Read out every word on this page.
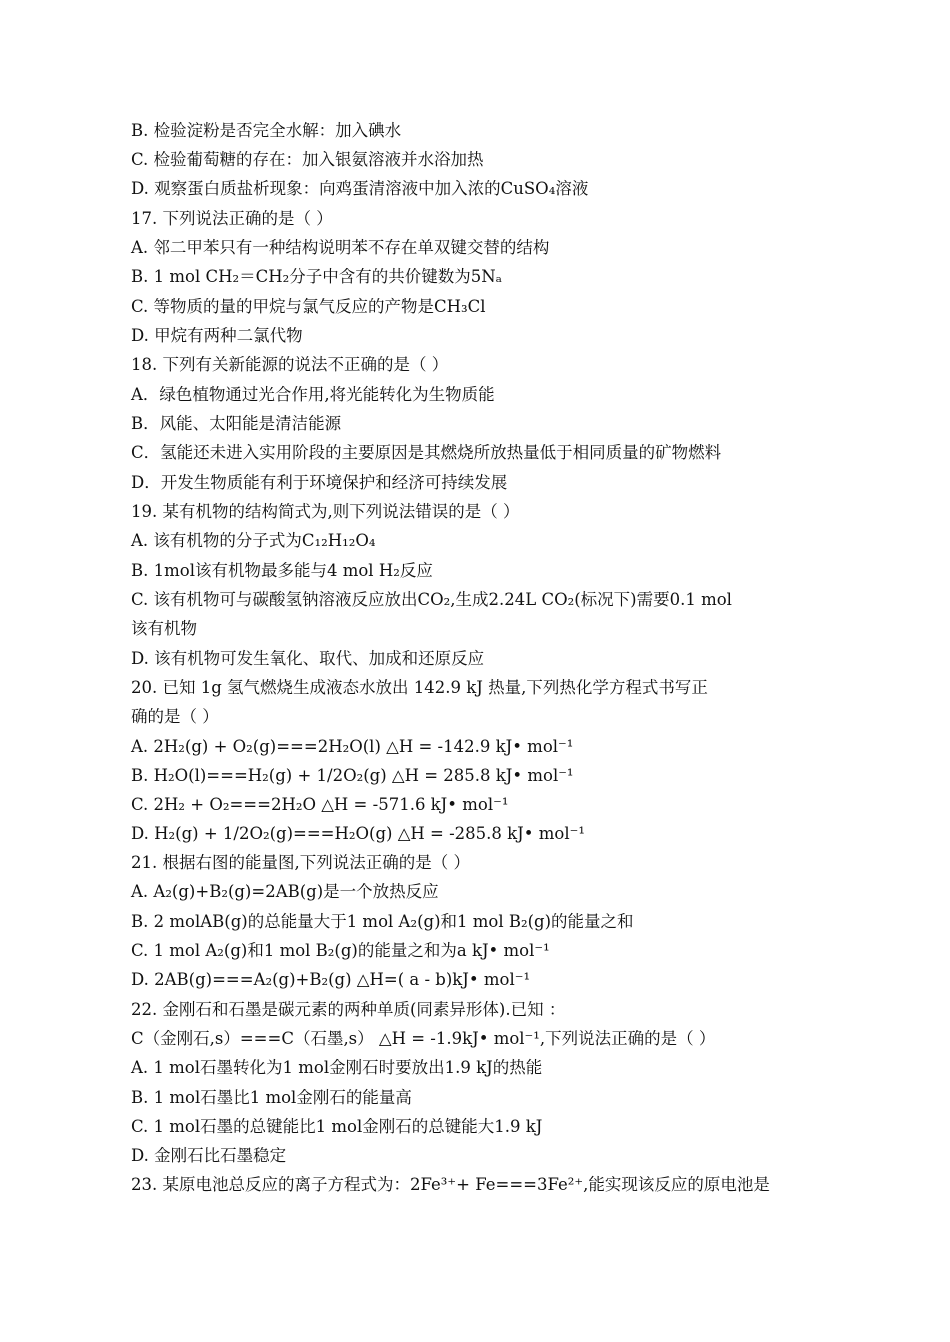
B. 检验淀粉是否完全水解：加入碘水
C. 检验葡萄糖的存在：加入银氨溶液并水浴加热
D. 观察蛋白质盐析现象：向鸡蛋清溶液中加入浓的CuSO₄溶液
17. 下列说法正确的是（ ）
A. 邻二甲苯只有一种结构说明苯不存在单双键交替的结构
B. 1 mol CH₂＝CH₂分子中含有的共价键数为5Nₐ
C. 等物质的量的甲烷与氯气反应的产物是CH₃Cl
D. 甲烷有两种二氯代物
18. 下列有关新能源的说法不正确的是（ ）
A．绿色植物通过光合作用,将光能转化为生物质能
B．风能、太阳能是清洁能源
C．氢能还未进入实用阶段的主要原因是其燃烧所放热量低于相同质量的矿物燃料
D．开发生物质能有利于环境保护和经济可持续发展
19. 某有机物的结构简式为,则下列说法错误的是（ ）
A. 该有机物的分子式为C₁₂H₁₂O₄
B. 1mol该有机物最多能与4 mol H₂反应
C. 该有机物可与碳酸氢钠溶液反应放出CO₂,生成2.24L CO₂(标况下)需要0.1 mol
该有机物
D. 该有机物可发生氧化、取代、加成和还原反应
20. 已知 1g 氢气燃烧生成液态水放出 142.9 kJ 热量,下列热化学方程式书写正
确的是（ ）
A. 2H₂(g) + O₂(g)===2H₂O(l) △H = -142.9 kJ• mol⁻¹
B. H₂O(l)===H₂(g) + 1/2O₂(g) △H = 285.8 kJ• mol⁻¹
C. 2H₂ + O₂===2H₂O △H = -571.6 kJ• mol⁻¹
D. H₂(g) + 1/2O₂(g)===H₂O(g) △H = -285.8 kJ• mol⁻¹
21. 根据右图的能量图,下列说法正确的是（ ）
A. A₂(g)+B₂(g)=2AB(g)是一个放热反应
B. 2 molAB(g)的总能量大于1 mol A₂(g)和1 mol B₂(g)的能量之和
C. 1 mol A₂(g)和1 mol B₂(g)的能量之和为a kJ• mol⁻¹
D. 2AB(g)===A₂(g)+B₂(g) △H=( a - b)kJ• mol⁻¹
22. 金刚石和石墨是碳元素的两种单质(同素异形体).已知 ：
C（金刚石,s）===C（石墨,s） △H = -1.9kJ• mol⁻¹,下列说法正确的是（ ）
A. 1 mol石墨转化为1 mol金刚石时要放出1.9 kJ的热能
B. 1 mol石墨比1 mol金刚石的能量高
C. 1 mol石墨的总键能比1 mol金刚石的总键能大1.9 kJ
D. 金刚石比石墨稳定
23. 某原电池总反应的离子方程式为：2Fe³⁺+ Fe===3Fe²⁺,能实现该反应的原电池是
